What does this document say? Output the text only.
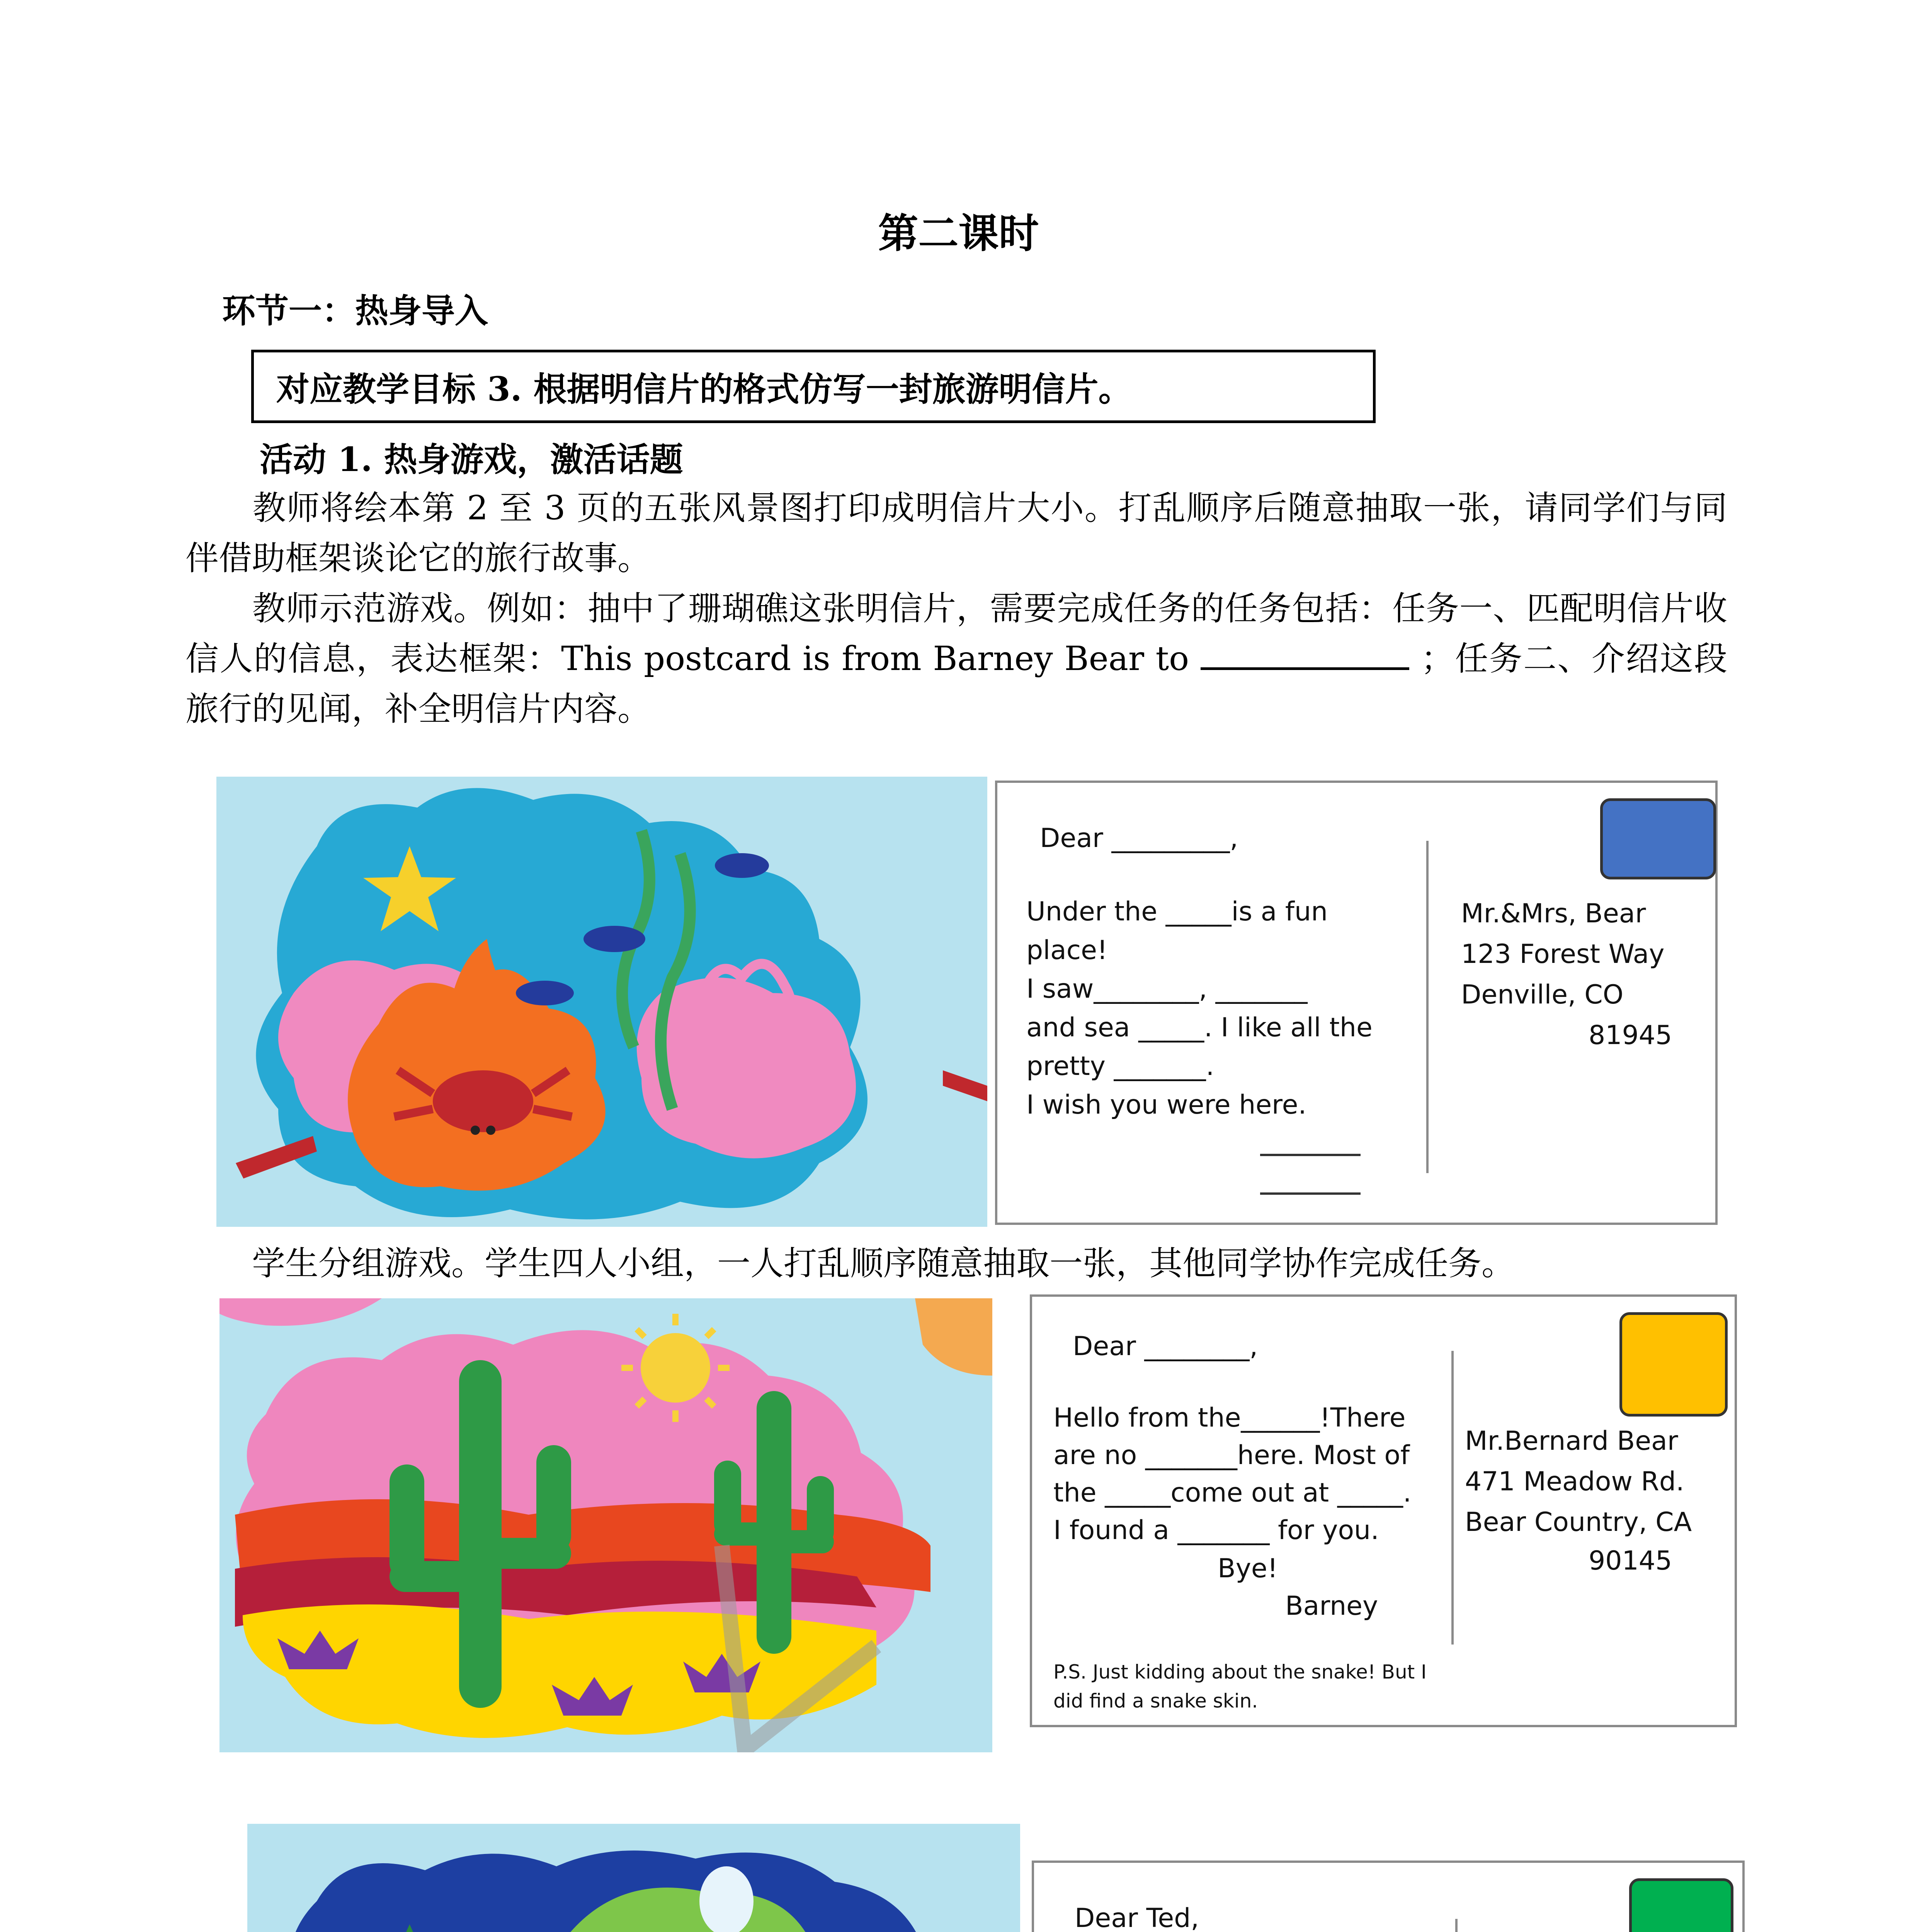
第二课时
环节一：热身导入
对应教学目标 3. 根据明信片的格式仿写一封旅游明信片。
活动 1. 热身游戏，激活话题
教师将绘本第 2 至 3 页的五张风景图打印成明信片大小。打乱顺序后随意抽取一张，请同学们与同伴借助框架谈论它的旅行故事。
教师示范游戏。例如：抽中了珊瑚礁这张明信片，需要完成任务的任务包括：任务一、匹配明信片收信人的信息，表达框架：This postcard is from Barney Bear to	；任务二、介绍这段旅行的见闻，补全明信片内容。
Dear _________,
Under the _____is a fun
place!
I saw________, _______
and sea _____. I like all the
pretty _______.
I wish you were here.
Mr.&Mrs, Bear
123 Forest Way
Denville, CO
81945
学生分组游戏。学生四人小组，一人打乱顺序随意抽取一张，其他同学协作完成任务。
Dear ________,
Hello from the______!There
are no _______here. Most of
the _____come out at _____.
I found a _______ for you.
Bye!
Barney
P.S. Just kidding about the snake! But I
did find a snake skin.
Mr.Bernard Bear
471 Meadow Rd.
Bear Country, CA
90145
Dear Ted,
